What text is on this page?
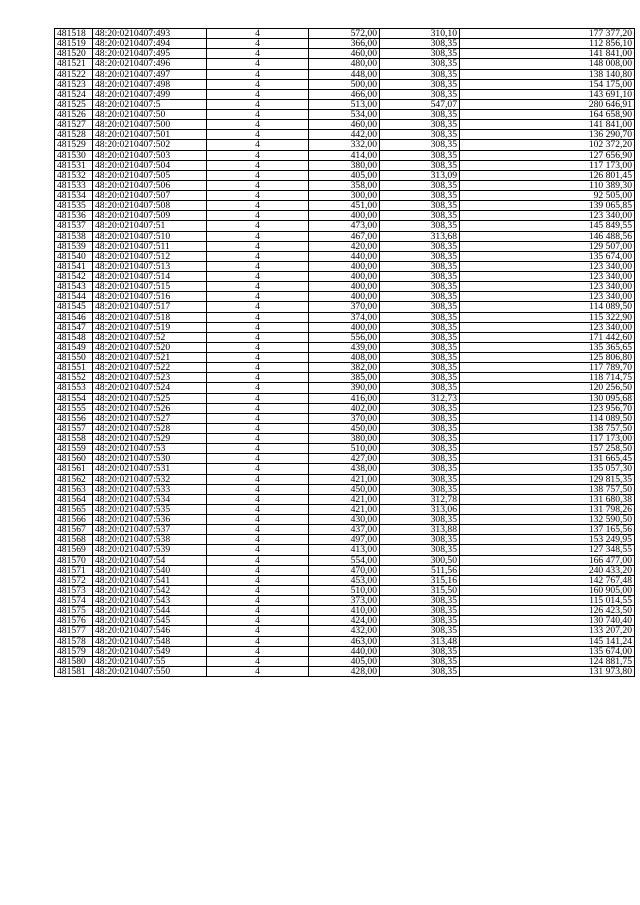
481518	48:20:0210407:493	4	572,00	310,10	177 377,20
481519	48:20:0210407:494	4	366,00	308,35	112 856,10
481520	48:20:0210407:495	4	460,00	308,35	141 841,00
481521	48:20:0210407:496	4	480,00	308,35	148 008,00
481522	48:20:0210407:497	4	448,00	308,35	138 140,80
481523	48:20:0210407:498	4	500,00	308,35	154 175,00
481524	48:20:0210407:499	4	466,00	308,35	143 691,10
481525	48:20:0210407:5	4	513,00	547,07	280 646,91
481526	48:20:0210407:50	4	534,00	308,35	164 658,90
481527	48:20:0210407:500	4	460,00	308,35	141 841,00
481528	48:20:0210407:501	4	442,00	308,35	136 290,70
481529	48:20:0210407:502	4	332,00	308,35	102 372,20
481530	48:20:0210407:503	4	414,00	308,35	127 656,90
481531	48:20:0210407:504	4	380,00	308,35	117 173,00
481532	48:20:0210407:505	4	405,00	313,09	126 801,45
481533	48:20:0210407:506	4	358,00	308,35	110 389,30
481534	48:20:0210407:507	4	300,00	308,35	92 505,00
481535	48:20:0210407:508	4	451,00	308,35	139 065,85
481536	48:20:0210407:509	4	400,00	308,35	123 340,00
481537	48:20:0210407:51	4	473,00	308,35	145 849,55
481538	48:20:0210407:510	4	467,00	313,68	146 488,56
481539	48:20:0210407:511	4	420,00	308,35	129 507,00
481540	48:20:0210407:512	4	440,00	308,35	135 674,00
481541	48:20:0210407:513	4	400,00	308,35	123 340,00
481542	48:20:0210407:514	4	400,00	308,35	123 340,00
481543	48:20:0210407:515	4	400,00	308,35	123 340,00
481544	48:20:0210407:516	4	400,00	308,35	123 340,00
481545	48:20:0210407:517	4	370,00	308,35	114 089,50
481546	48:20:0210407:518	4	374,00	308,35	115 322,90
481547	48:20:0210407:519	4	400,00	308,35	123 340,00
481548	48:20:0210407:52	4	556,00	308,35	171 442,60
481549	48:20:0210407:520	4	439,00	308,35	135 365,65
481550	48:20:0210407:521	4	408,00	308,35	125 806,80
481551	48:20:0210407:522	4	382,00	308,35	117 789,70
481552	48:20:0210407:523	4	385,00	308,35	118 714,75
481553	48:20:0210407:524	4	390,00	308,35	120 256,50
481554	48:20:0210407:525	4	416,00	312,73	130 095,68
481555	48:20:0210407:526	4	402,00	308,35	123 956,70
481556	48:20:0210407:527	4	370,00	308,35	114 089,50
481557	48:20:0210407:528	4	450,00	308,35	138 757,50
481558	48:20:0210407:529	4	380,00	308,35	117 173,00
481559	48:20:0210407:53	4	510,00	308,35	157 258,50
481560	48:20:0210407:530	4	427,00	308,35	131 665,45
481561	48:20:0210407:531	4	438,00	308,35	135 057,30
481562	48:20:0210407:532	4	421,00	308,35	129 815,35
481563	48:20:0210407:533	4	450,00	308,35	138 757,50
481564	48:20:0210407:534	4	421,00	312,78	131 680,38
481565	48:20:0210407:535	4	421,00	313,06	131 798,26
481566	48:20:0210407:536	4	430,00	308,35	132 590,50
481567	48:20:0210407:537	4	437,00	313,88	137 165,56
481568	48:20:0210407:538	4	497,00	308,35	153 249,95
481569	48:20:0210407:539	4	413,00	308,35	127 348,55
481570	48:20:0210407:54	4	554,00	300,50	166 477,00
481571	48:20:0210407:540	4	470,00	511,56	240 433,20
481572	48:20:0210407:541	4	453,00	315,16	142 767,48
481573	48:20:0210407:542	4	510,00	315,50	160 905,00
481574	48:20:0210407:543	4	373,00	308,35	115 014,55
481575	48:20:0210407:544	4	410,00	308,35	126 423,50
481576	48:20:0210407:545	4	424,00	308,35	130 740,40
481577	48:20:0210407:546	4	432,00	308,35	133 207,20
481578	48:20:0210407:548	4	463,00	313,48	145 141,24
481579	48:20:0210407:549	4	440,00	308,35	135 674,00
481580	48:20:0210407:55	4	405,00	308,35	124 881,75
481581	48:20:0210407:550	4	428,00	308,35	131 973,80
